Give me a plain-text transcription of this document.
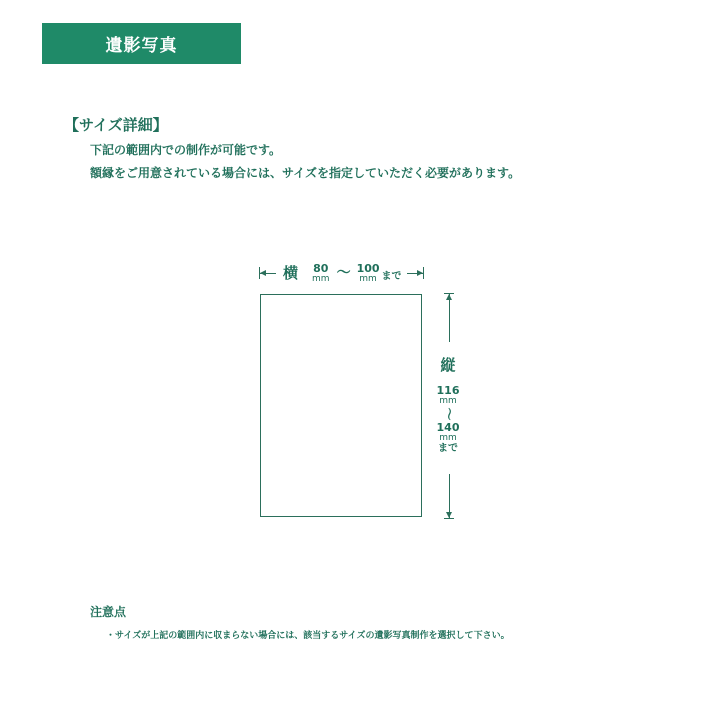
遺影写真
【サイズ詳細】
下記の範囲内での制作が可能です。
額縁をご用意されている場合には、サイズを指定していただく必要があります。
横 80
mm ～ 100
mm まで
縦
116
mm
～
140
mm
まで
注意点
・サイズが上記の範囲内に収まらない場合には、該当するサイズの遺影写真制作を選択して下さい。
